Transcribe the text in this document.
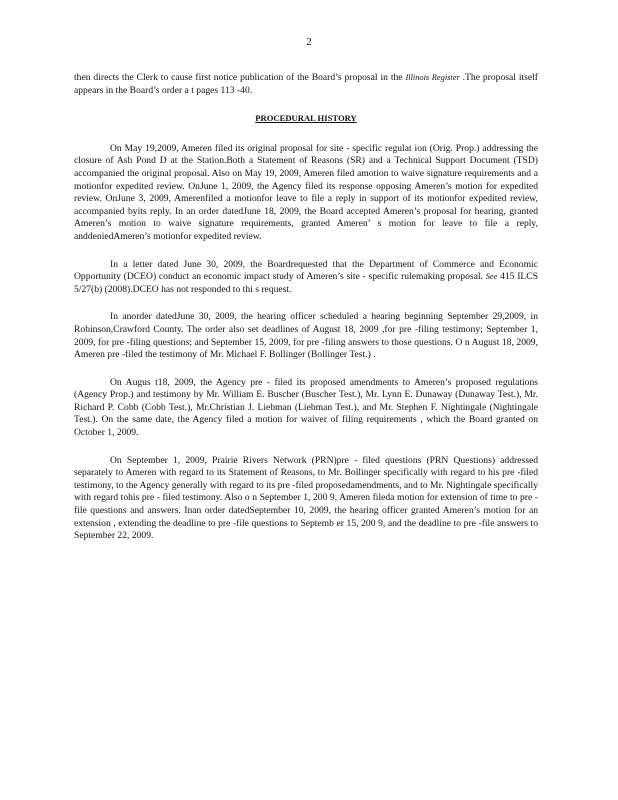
2

then directs the Clerk to cause first notice publication of the Board’s proposal in the Illinois Register .The proposal itself appears in the Board’s order a t pages 113 -40.

PROCEDURAL HISTORY

On May 19,2009, Ameren filed its original proposal for site - specific regulat ion (Orig. Prop.) addressing the closure of Ash Pond D at the Station.Both a Statement of Reasons (SR) and a Technical Support Document (TSD) accompanied the original proposal. Also on May 19, 2009, Ameren filed amotion to waive signature requirements and a motionfor expedited review. OnJune 1, 2009, the Agency filed its response opposing Ameren’s motion for expedited review. OnJune 3, 2009, Amerenfiled a motionfor leave to file a reply in support of its motionfor expedited review, accompanied byits reply. In an order datedJune 18, 2009, the Board accepted Ameren’s proposal for hearing, granted Ameren’s motion to waive signature requirements, granted Ameren’ s motion for leave to file a reply, anddeniedAmeren’s motionfor expedited review.

In a letter dated June 30, 2009, the Boardrequested that the Department of Commerce and Economic Opportunity (DCEO) conduct an economic impact study of Ameren’s site - specific rulemaking proposal. See 415 ILCS 5/27(b) (2008).DCEO has not responded to thi s request.

In anorder datedJune 30, 2009, the hearing officer scheduled a hearing beginning September 29,2009, in Robinson,Crawford County. The order also set deadlines of August 18, 2009 ,for pre -filing testimony; September 1, 2009, for pre -filing questions; and September 15, 2009, for pre -filing answers to those questions. O n August 18, 2009, Ameren pre -filed the testimony of Mr. Michael F. Bollinger (Bollinger Test.) .

On Augus t18, 2009, the Agency pre - filed its proposed amendments to Ameren’s proposed regulations (Agency Prop.) and testimony by Mr. William E. Buscher (Buscher Test.), Mr. Lynn E. Dunaway (Dunaway Test.), Mr. Richard P. Cobb (Cobb Test.), Mr.Christian J. Liebman (Liebman Test.), and Mr. Stephen F. Nightingale (Nightingale Test.). On the same date, the Agency filed a motion for waiver of filing requirements , which the Board granted on October 1, 2009.

On September 1, 2009, Prairie Rivers Network (PRN)pre - filed questions (PRN Questions) addressed separately to Ameren with regard to its Statement of Reasons, to Mr. Bollinger specifically with regard to his pre -filed testimony, to the Agency generally with regard to its pre -filed proposedamendments, and to Mr. Nightingale specifically with regard tohis pre - filed testimony. Also o n September 1, 200 9, Ameren fileda motion for extension of time to pre - file questions and answers. Inan order datedSeptember 10, 2009, the hearing officer granted Ameren’s motion for an extension , extending the deadline to pre -file questions to Septemb er 15, 200 9, and the deadline to pre -file answers to September 22, 2009.
